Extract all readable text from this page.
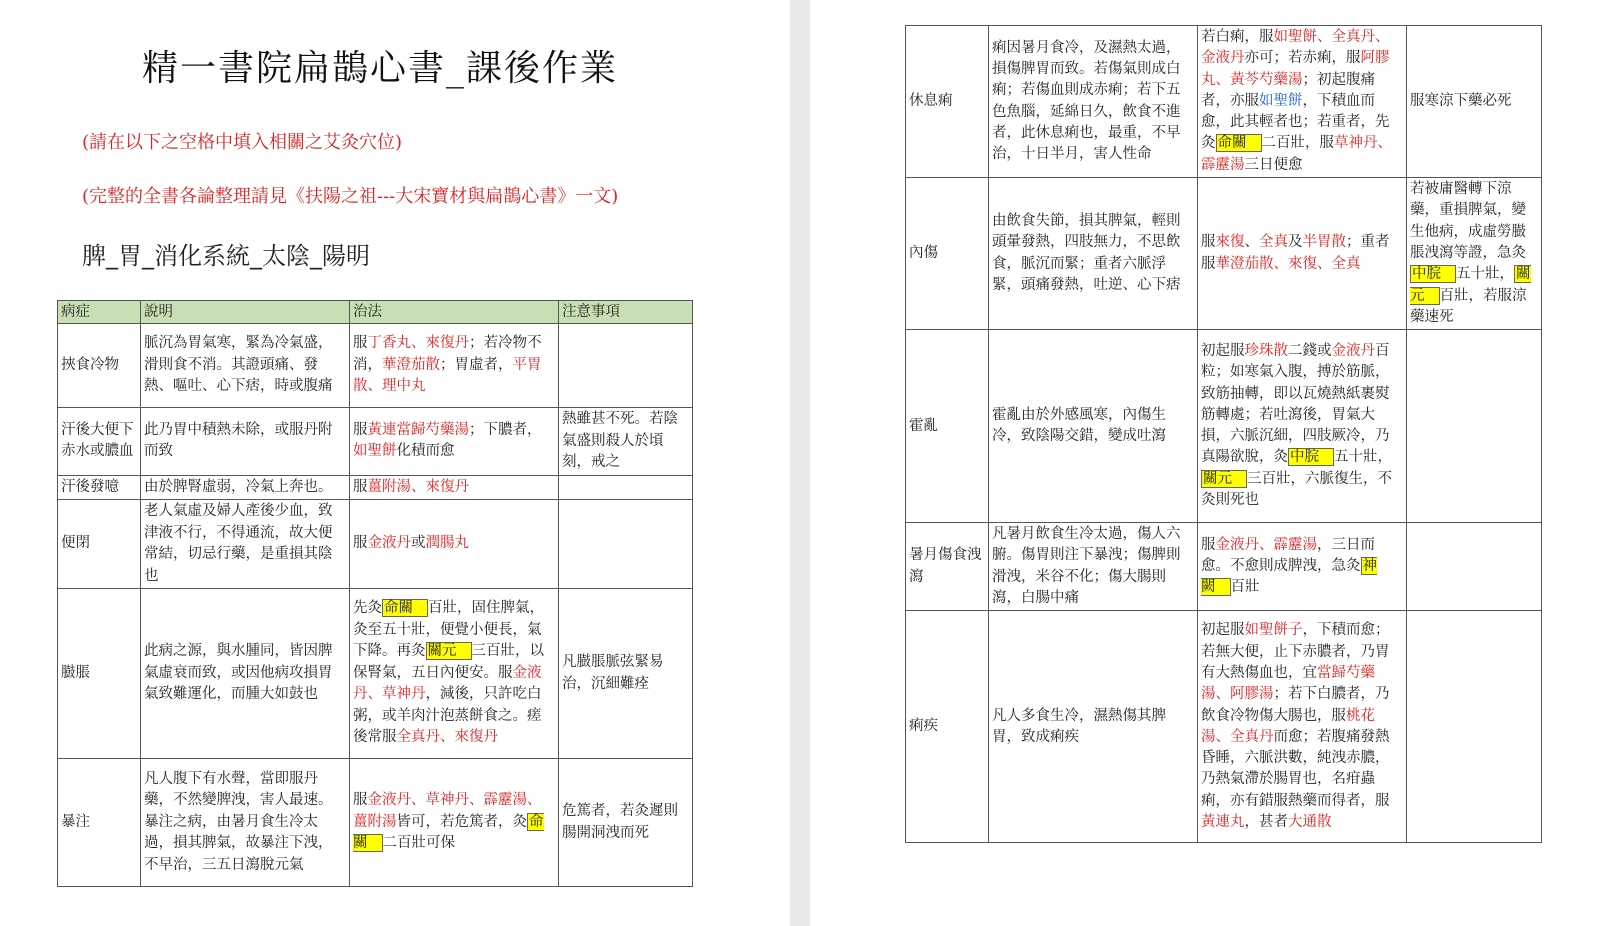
精一書院扁鵲心書_課後作業
(請在以下之空格中填入相關之艾灸穴位)
(完整的全書各論整理請見《扶陽之祖---大宋寶材與扁鵲心書》一文)
脾_胃_消化系統_太陰_陽明
病症	說明	治法	注意事項
挾食冷物	脈沉為胃氣寒，緊為冷氣盛，滑則食不消。其證頭痛、發熱、嘔吐、心下痞，時或腹痛	服丁香丸、來復丹；若冷物不消，華澄茄散；胃虛者，平胃散、理中丸	
汗後大便下赤水或膿血	此乃胃中積熱未除，或服丹附而致	服黃連當歸芍藥湯；下膿者，如聖餅化積而愈	熱雖甚不死。若陰氣盛則殺人於頃刻，戒之
汗後發噫	由於脾腎虛弱，冷氣上奔也。	服薑附湯、來復丹	
便閉	老人氣虛及婦人產後少血，致津液不行，不得通流，故大便常結，切忌行藥，是重損其陰也	服金液丹或潤腸丸	
臌脹	此病之源，與水腫同，皆因脾氣虛衰而致，或因他病攻損胃氣致難運化，而腫大如鼓也	先灸 命關 百壯，固住脾氣，灸至五十壯，便覺小便長，氣下降。再灸 關元 三百壯，以保腎氣，五日內便安。服金液丹、草神丹，減後，只許吃白粥，或羊肉汁泡蒸餅食之。瘥後常服全真丹、來復丹	凡臌脹脈弦緊易治，沉細難痊
暴注	凡人腹下有水聲，當即服丹藥，不然變脾洩，害人最速。暴注之病，由暑月食生冷太過，損其脾氣，故暴注下洩，不早治，三五日瀉脫元氣	服金液丹、草神丹、霹靂湯、薑附湯皆可，若危篤者，灸 命關 二百壯可保	危篤者，若灸遲則腸開洞洩而死
休息痢	痢因暑月食冷，及濕熱太過，損傷脾胃而致。若傷氣則成白痢；若傷血則成赤痢；若下五色魚腦，延綿日久，飲食不進者，此休息痢也，最重，不早治，十日半月，害人性命	若白痢，服如聖餅、全真丹、金液丹亦可；若赤痢，服阿膠丸、黃芩芍藥湯；初起腹痛者，亦服如聖餅，下積血而愈，此其輕者也；若重者，先灸 命關 二百壯，服草神丹、霹靂湯三日便愈	服寒涼下藥必死
內傷	由飲食失節，損其脾氣，輕則頭暈發熱，四肢無力，不思飲食，脈沉而緊；重者六脈浮緊，頭痛發熱，吐逆、心下痞	服來復、全真及半胃散；重者服華澄茄散、來復、全真	若被庸醫轉下涼藥，重損脾氣，變生他病，成虛勞臌脹洩瀉等證，急灸中脘 五十壯， 關元 百壯，若服涼藥速死
霍亂	霍亂由於外感風寒，內傷生冷，致陰陽交錯，變成吐瀉	初起服珍珠散二錢或金液丹百粒；如寒氣入腹，搏於筋脈，致筋抽轉，即以瓦燒熱紙裹熨筋轉處；若吐瀉後，胃氣大損，六脈沉細，四肢厥冷，乃真陽欲脫，灸 中脘 五十壯，關元 三百壯，六脈復生，不灸則死也	
暑月傷食洩瀉	凡暑月飲食生冷太過，傷人六腑。傷胃則注下暴洩；傷脾則滑洩，米谷不化；傷大腸則瀉，白腸中痛	服金液丹、霹靂湯，三日而愈。不愈則成脾洩，急灸 神闕 百壯	
痢疾	凡人多食生冷，濕熱傷其脾胃，致成痢疾	初起服如聖餅子，下積而愈；若無大便，止下赤膿者，乃胃有大熱傷血也，宜當歸芍藥湯、阿膠湯；若下白膿者，乃飲食冷物傷大腸也，服桃花湯、全真丹而愈；若腹痛發熱昏睡，六脈洪數，純洩赤膿，乃熱氣滯於腸胃也，名疳蟲痢，亦有錯服熱藥而得者，服黃連丸，甚者大通散	
